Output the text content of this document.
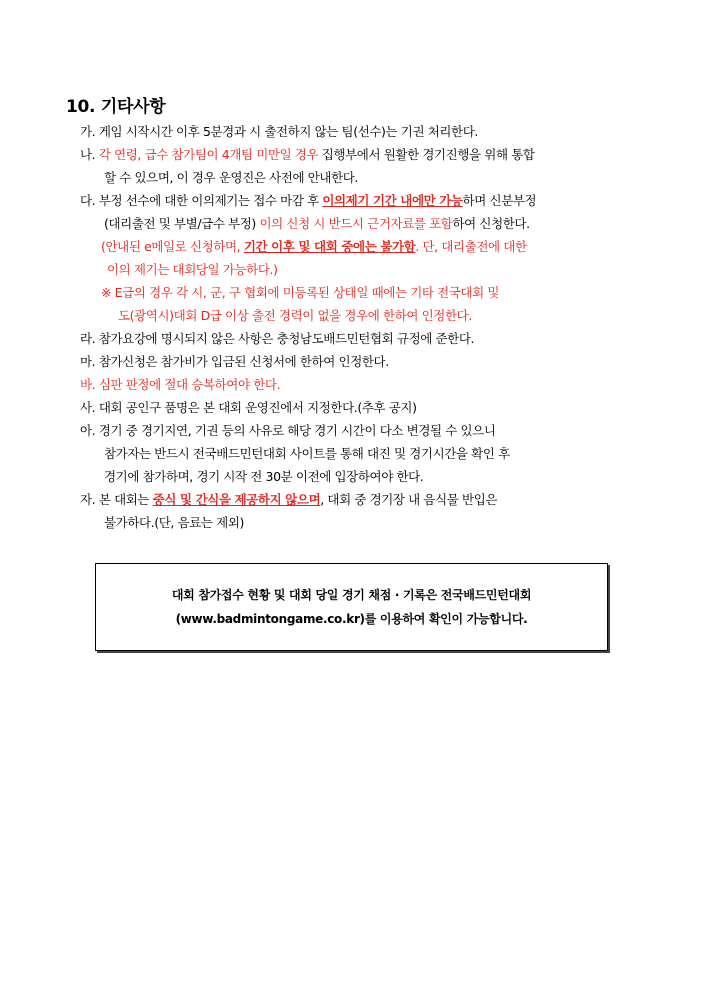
10. 기타사항
가. 게임 시작시간 이후 5분경과 시 출전하지 않는 팀(선수)는 기권 처리한다.
나. 각 연령, 급수 참가팀이 4개팀 미만일 경우 집행부에서 원활한 경기진행을 위해 통합
할 수 있으며, 이 경우 운영진은 사전에 안내한다.
다. 부정 선수에 대한 이의제기는 접수 마감 후 이의제기 기간 내에만 가능하며 신분부정
(대리출전 및 부별/급수 부정) 이의 신청 시 반드시 근거자료를 포함하여 신청한다.
(안내된 e메일로 신청하며, 기간 이후 및 대회 중에는 불가함. 단, 대리출전에 대한
이의 제기는 대회당일 가능하다.)
※ E급의 경우 각 시, 군, 구 협회에 미등록된 상태일 때에는 기타 전국대회 및
도(광역시)대회 D급 이상 출전 경력이 없을 경우에 한하여 인정한다.
라. 참가요강에 명시되지 않은 사항은 충청남도배드민턴협회 규정에 준한다.
마. 참가신청은 참가비가 입금된 신청서에 한하여 인정한다.
바. 심판 판정에 절대 승복하여야 한다.
사. 대회 공인구 품명은 본 대회 운영진에서 지정한다.(추후 공지)
아. 경기 중 경기지연, 기권 등의 사유로 해당 경기 시간이 다소 변경될 수 있으니
참가자는 반드시 전국배드민턴대회 사이트를 통해 대진 및 경기시간을 확인 후
경기에 참가하며, 경기 시작 전 30분 이전에 입장하여야 한다.
자. 본 대회는 중식 및 간식을 제공하지 않으며, 대회 중 경기장 내 음식물 반입은
불가하다.(단, 음료는 제외)
대회 참가접수 현황 및 대회 당일 경기 채점 · 기록은 전국배드민턴대회
(www.badmintongame.co.kr)를 이용하여 확인이 가능합니다.
